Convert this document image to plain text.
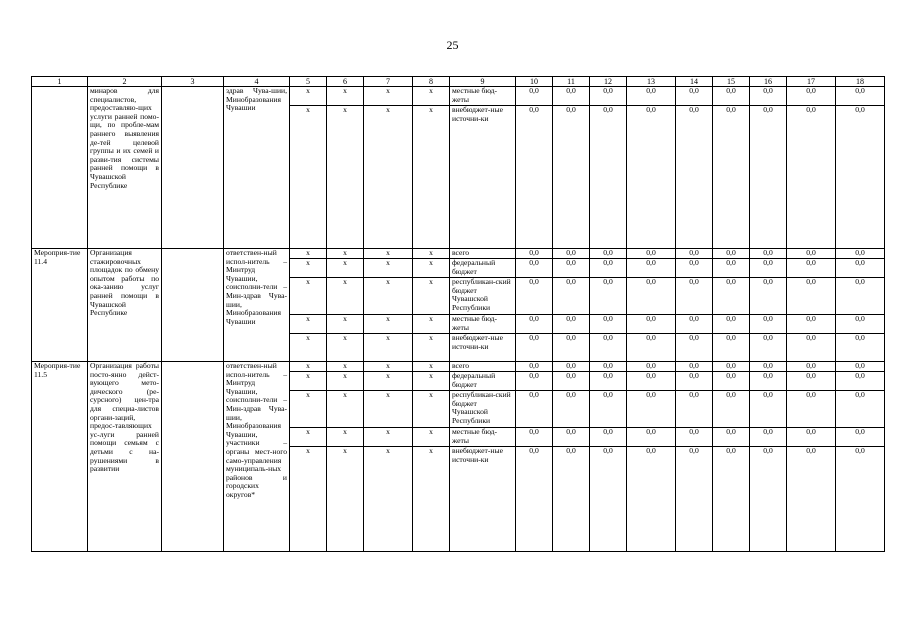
25
1	2	3	4	5	6	7	8	9	10	11	12	13	14	15	16	17	18
	минаров для специалистов, предоставляю-щих услуги ранней помо-щи, по пробле-мам раннего выявления де-тей целевой группы и их семей и разви-тия системы ранней помощи в Чувашской Республике		здрав Чува-шии, Минобразования Чувашии	х	х	х	х	местные бюд-жеты	0,0	0,0	0,0	0,0	0,0	0,0	0,0	0,0	0,0
				х	х	х	х	внебюджет-ные источни-ки	0,0	0,0	0,0	0,0	0,0	0,0	0,0	0,0	0,0
Мероприя-тие 11.4	Организация стажировочных площадок по обмену опытом работы по ока-занию услуг ранней помощи в Чувашской Республике		ответствен-ный испол-нитель – Минтруд Чувашии, соисполни-тели – Мин-здрав Чува-шии, Минобразования Чувашии	х	х	х	х	всего	0,0	0,0	0,0	0,0	0,0	0,0	0,0	0,0	0,0
				х	х	х	х	федеральный бюджет	0,0	0,0	0,0	0,0	0,0	0,0	0,0	0,0	0,0
				х	х	х	х	республикан-ский бюджет Чувашской Республики	0,0	0,0	0,0	0,0	0,0	0,0	0,0	0,0	0,0
				х	х	х	х	местные бюд-жеты	0,0	0,0	0,0	0,0	0,0	0,0	0,0	0,0	0,0
				х	х	х	х	внебюджет-ные источни-ки	0,0	0,0	0,0	0,0	0,0	0,0	0,0	0,0	0,0
Мероприя-тие 11.5	Организация работы посто-янно дейст-вующего мето-дического (ре-сурсного) цен-тра для специа-листов органи-заций, предос-тавляющих ус-луги ранней помощи семьям с детьми с на-рушениями в развитии		ответствен-ный испол-нитель – Минтруд Чувашии, соисполни-тели – Мин-здрав Чува-шии, Минобразования Чувашии, участники – органы мест-ного само-управления муниципаль-ных районов и городских округов*	х	х	х	х	всего	0,0	0,0	0,0	0,0	0,0	0,0	0,0	0,0	0,0
				х	х	х	х	федеральный бюджет	0,0	0,0	0,0	0,0	0,0	0,0	0,0	0,0	0,0
				х	х	х	х	республикан-ский бюджет Чувашской Республики	0,0	0,0	0,0	0,0	0,0	0,0	0,0	0,0	0,0
				х	х	х	х	местные бюд-жеты	0,0	0,0	0,0	0,0	0,0	0,0	0,0	0,0	0,0
				х	х	х	х	внебюджет-ные источни-ки	0,0	0,0	0,0	0,0	0,0	0,0	0,0	0,0	0,0
